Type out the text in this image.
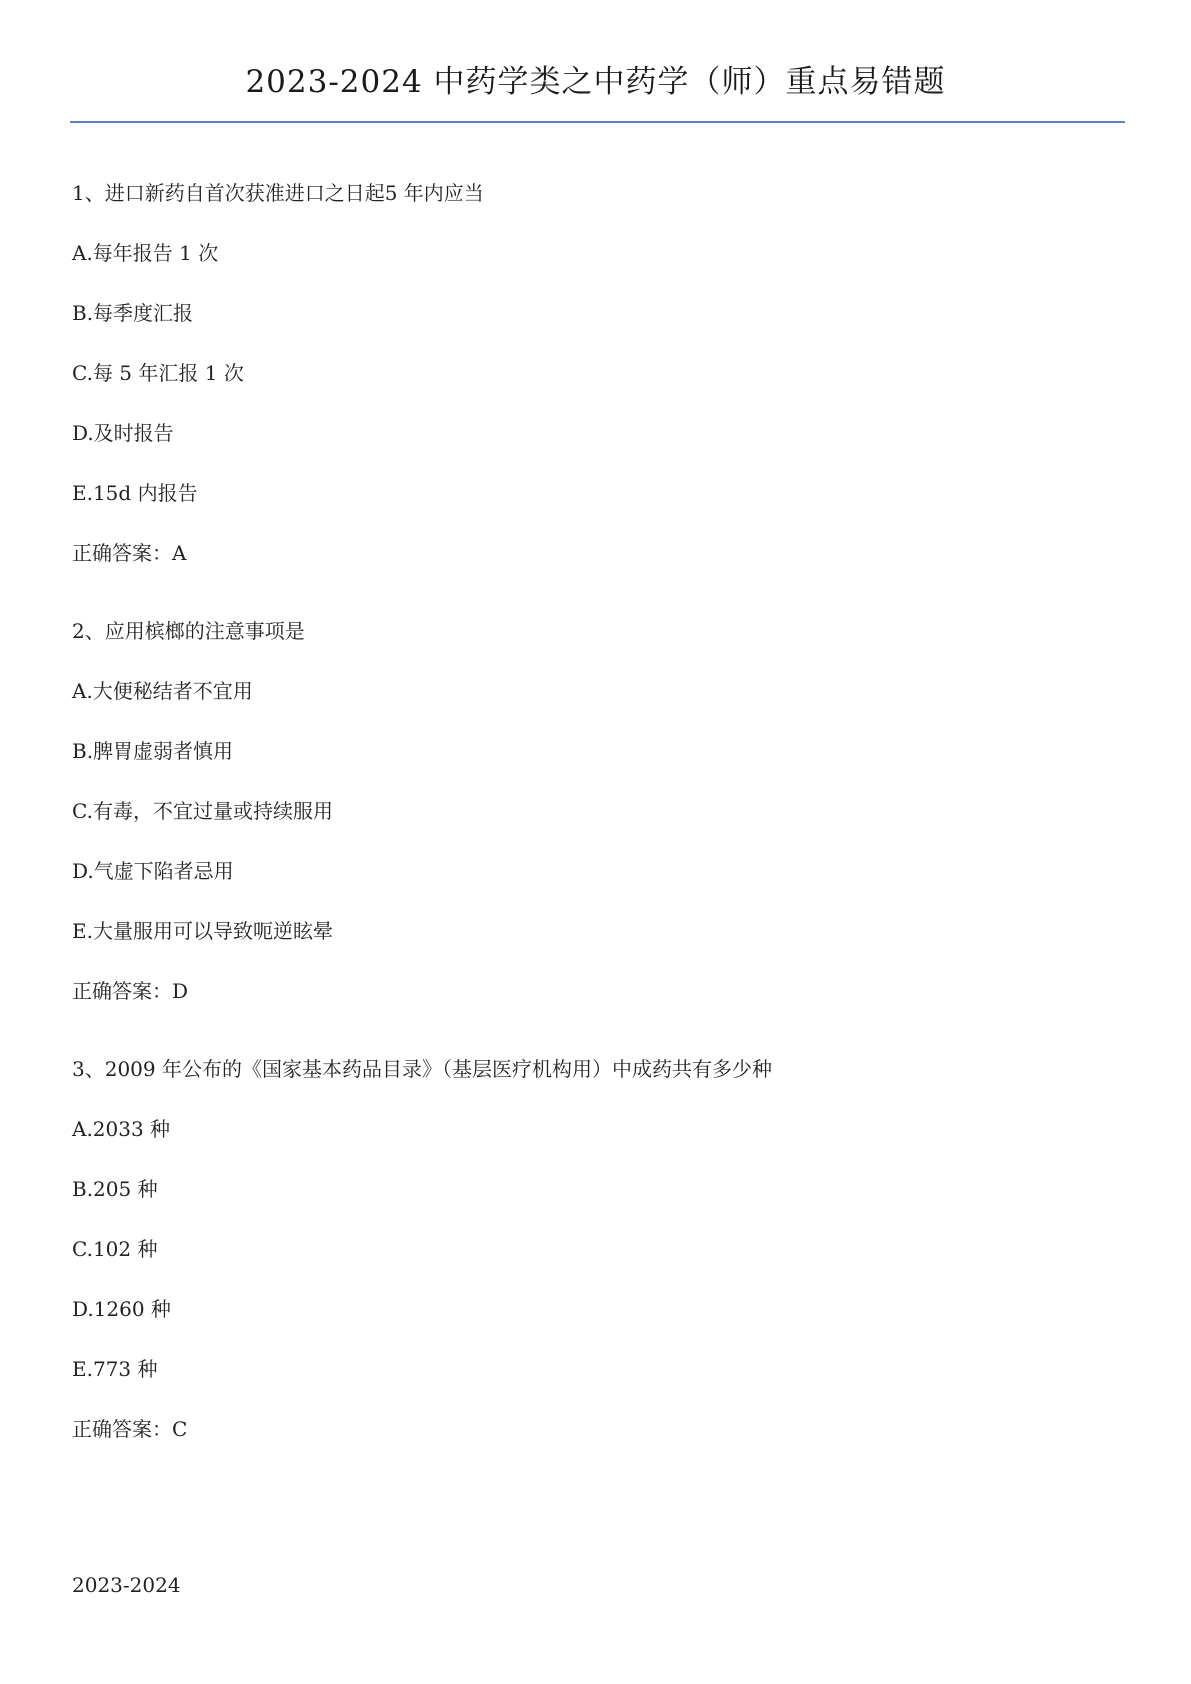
2023-2024 中药学类之中药学（师）重点易错题
1、进口新药自首次获准进口之日起5 年内应当
A.每年报告 1 次
B.每季度汇报
C.每 5 年汇报 1 次
D.及时报告
E.15d 内报告
正确答案：A
2、应用槟榔的注意事项是
A.大便秘结者不宜用
B.脾胃虚弱者慎用
C.有毒，不宜过量或持续服用
D.气虚下陷者忌用
E.大量服用可以导致呃逆眩晕
正确答案：D
3、2009 年公布的《国家基本药品目录》（基层医疗机构用）中成药共有多少种
A.2033 种
B.205 种
C.102 种
D.1260 种
E.773 种
正确答案：C
2023-2024
